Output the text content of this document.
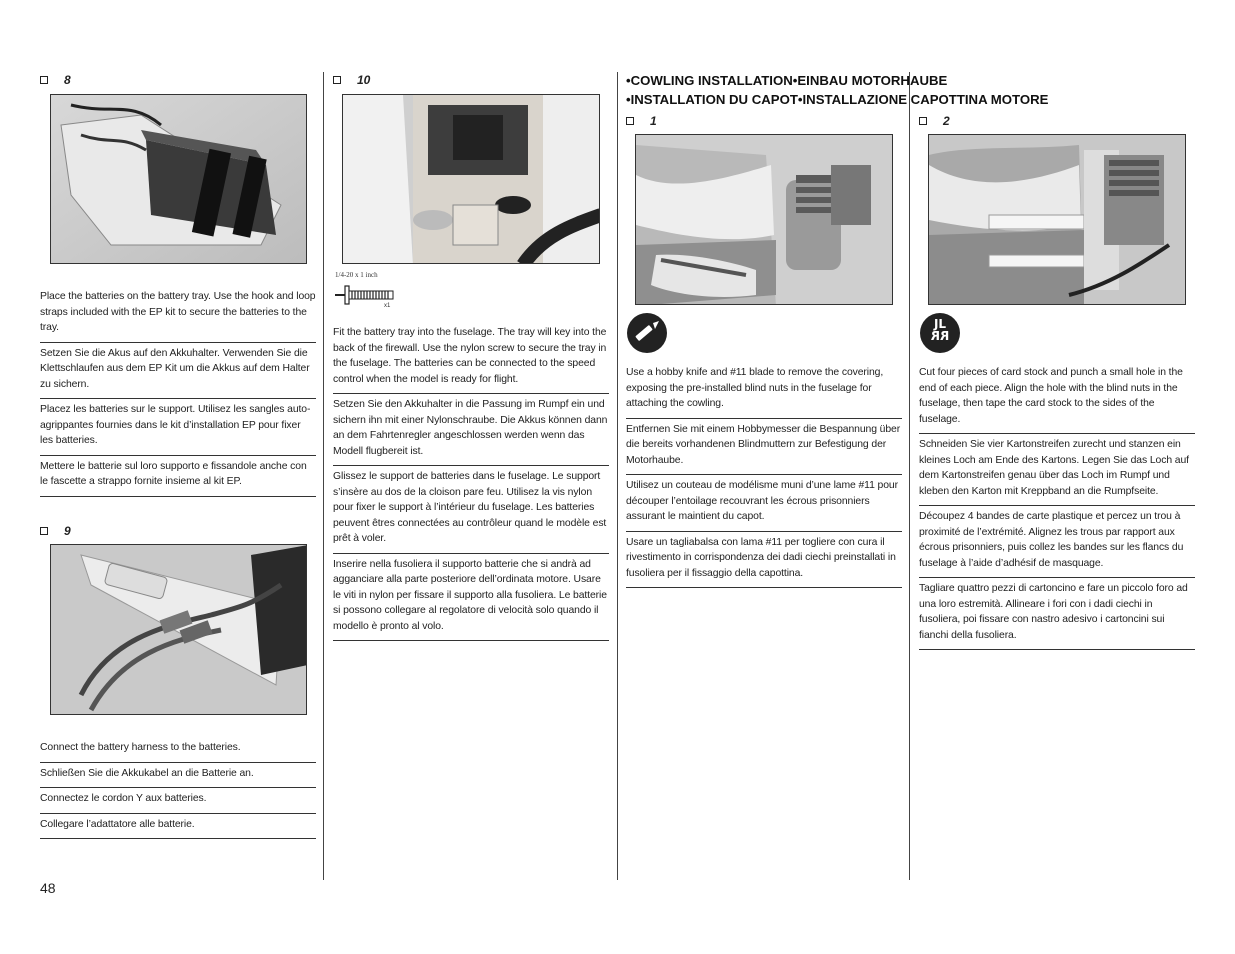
8
Place the batteries on the battery tray. Use the hook and loop straps included with the EP kit to secure the batteries to the tray.
Setzen Sie die Akus auf den Akkuhalter. Verwenden Sie die Klettschlaufen aus dem EP Kit um die Akkus auf dem Halter zu sichern.
Placez les batteries sur le support. Utilisez les sangles auto-agrippantes fournies dans le kit d’installation EP pour fixer les batteries.
Mettere le batterie sul loro supporto e fissandole anche con le fascette a strappo fornite insieme al kit EP.
9
Connect the battery harness to the batteries.
Schließen Sie die Akkukabel an die Batterie an.
Connectez le cordon Y aux batteries.
Collegare l’adattatore alle batterie.
48
10
1/4-20 x 1 inch
x1
Fit the battery tray into the fuselage. The tray will key into the back of the firewall. Use the nylon screw to secure the tray in the fuselage. The batteries can be connected to the speed control when the model is ready for flight.
Setzen Sie den Akkuhalter in die Passung im Rumpf ein und sichern ihn mit einer Nylonschraube. Die Akkus können dann an dem Fahrtenregler angeschlossen werden wenn das Modell flugbereit ist.
Glissez le support de batteries dans le fuselage. Le support s’insère au dos de la cloison pare feu. Utilisez la vis nylon pour fixer le support à l’intérieur du fuselage. Les batteries peuvent êtres connectées au contrôleur quand le modèle est prêt à voler.
Inserire nella fusoliera il supporto batterie che si andrà ad agganciare alla parte posteriore dell’ordinata motore. Usare le viti in nylon per fissare il supporto alla fusoliera. Le batterie si possono collegare al regolatore di velocità solo quando il modello è pronto al volo.
•COWLING INSTALLATION•EINBAU MOTORHAUBE
•INSTALLATION DU CAPOT•INSTALLAZIONE CAPOTTINA MOTORE
1
Use a hobby knife and #11 blade to remove the covering, exposing the pre-installed blind nuts in the fuselage for attaching the cowling.
Entfernen Sie mit einem Hobbymesser die Bespannung über die bereits vorhandenen Blindmuttern zur Befestigung der Motorhaube.
Utilisez un couteau de modélisme muni d’une lame #11 pour découper l’entoilage recouvrant les écrous prisonniers assurant le maintient du capot.
Usare un tagliabalsa con lama #11 per togliere con cura il rivestimento in corrispondenza dei dadi ciechi preinstallati in fusoliera per il fissaggio della capottina.
2
JL
RR
Cut four pieces of card stock and punch a small hole in the end of each piece. Align the hole with the blind nuts in the fuselage, then tape the card stock to the sides of the fuselage.
Schneiden Sie vier Kartonstreifen zurecht und stanzen ein kleines Loch am Ende des Kartons. Legen Sie das Loch auf dem Kartonstreifen genau über das Loch im Rumpf und kleben den Karton mit Kreppband an die Rumpfseite.
Découpez 4 bandes de carte plastique et percez un trou à proximité de l’extrémité. Alignez les trous par rapport aux écrous prisonniers, puis collez les bandes sur les flancs du fuselage à l’aide d’adhésif de masquage.
Tagliare quattro pezzi di cartoncino e fare un piccolo foro ad una loro estremità. Allineare i fori con i dadi ciechi in fusoliera, poi fissare con nastro adesivo i cartoncini sui fianchi della fusoliera.
